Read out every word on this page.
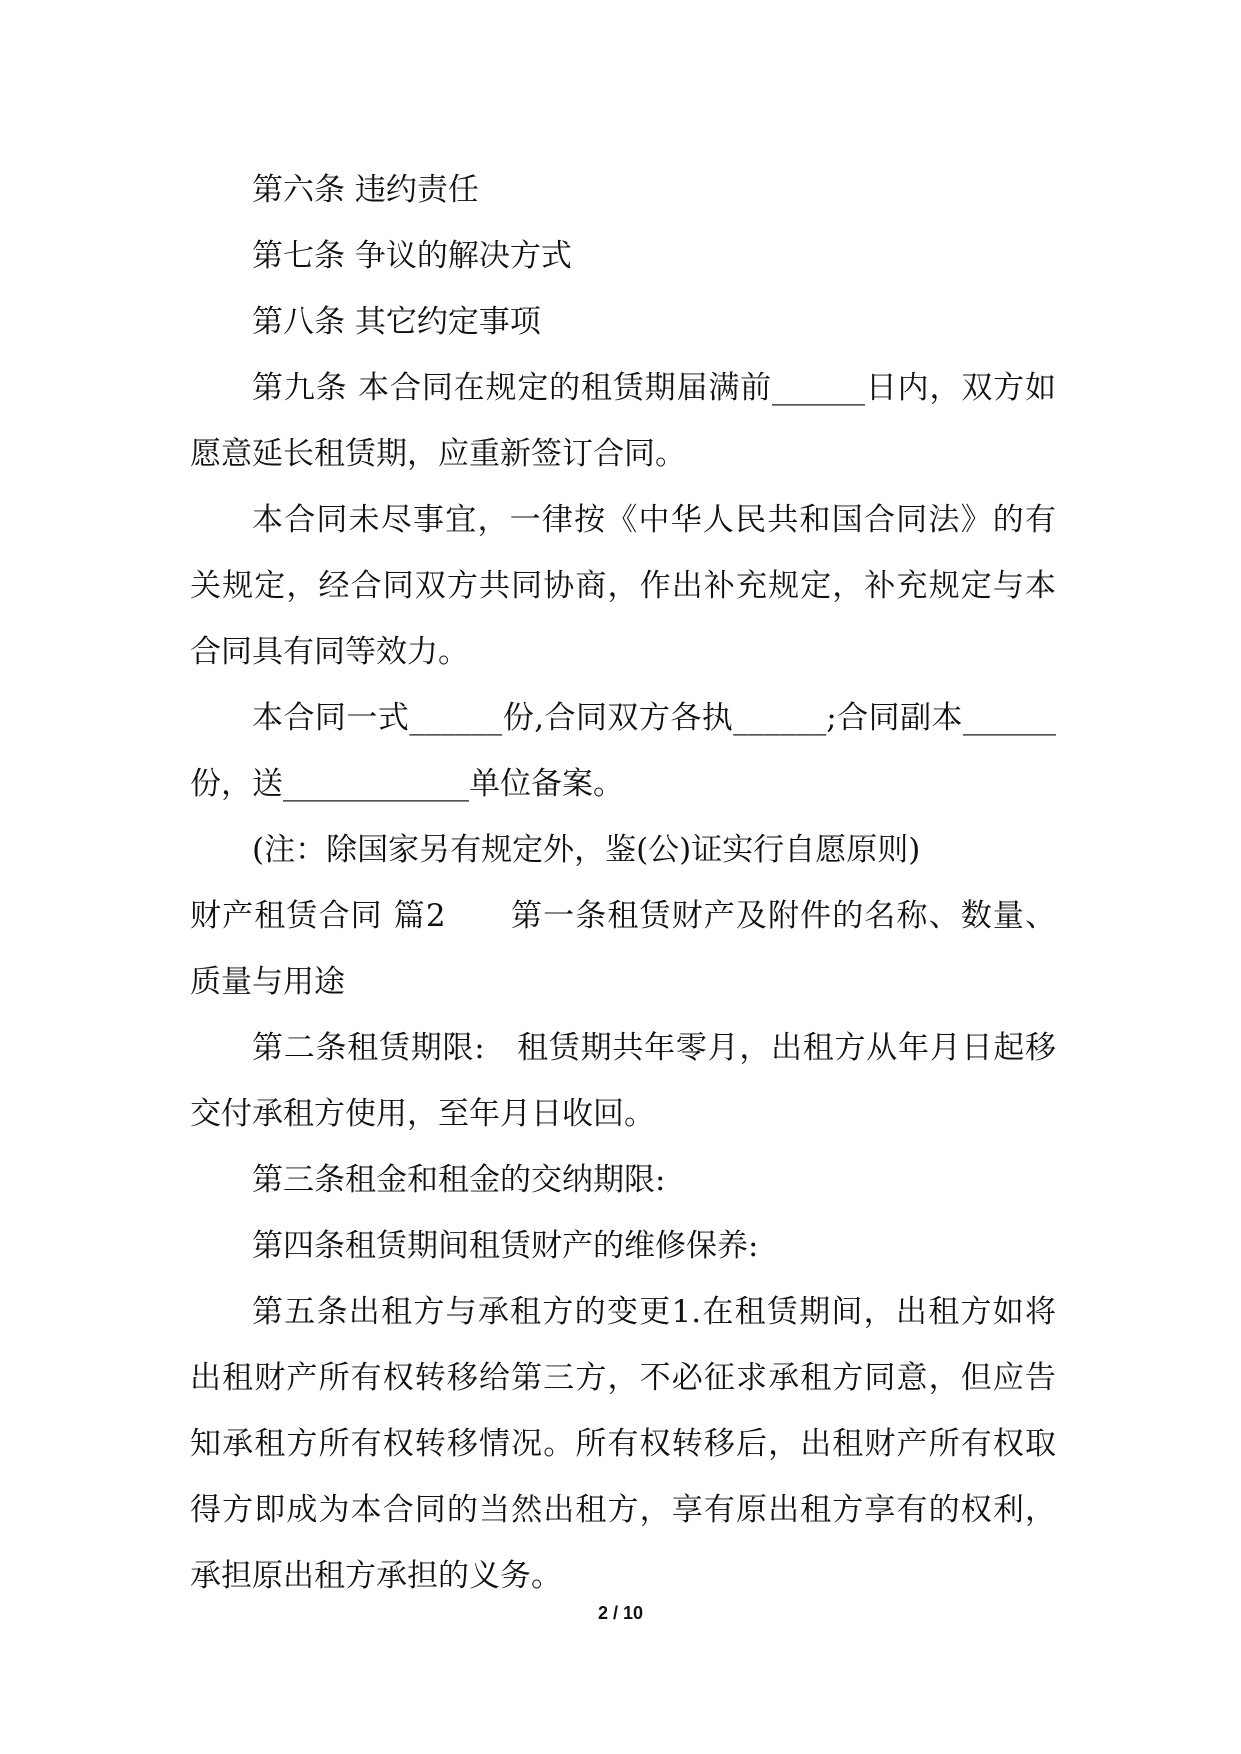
第六条 违约责任

第七条 争议的解决方式

第八条 其它约定事项

第九条 本合同在规定的租赁期届满前______日内，双方如愿意延长租赁期，应重新签订合同。

本合同未尽事宜，一律按《中华人民共和国合同法》的有关规定，经合同双方共同协商，作出补充规定，补充规定与本合同具有同等效力。

本合同一式______份,合同双方各执______;合同副本______份，送____________单位备案。

(注：除国家另有规定外，鉴(公)证实行自愿原则)

财产租赁合同 篇2　　第一条租赁财产及附件的名称、数量、质量与用途

第二条租赁期限:　租赁期共年零月，出租方从年月日起移交付承租方使用，至年月日收回。

第三条租金和租金的交纳期限:

第四条租赁期间租赁财产的维修保养:

第五条出租方与承租方的变更1.在租赁期间，出租方如将出租财产所有权转移给第三方，不必征求承租方同意，但应告知承租方所有权转移情况。所有权转移后，出租财产所有权取得方即成为本合同的当然出租方，享有原出租方享有的权利，承担原出租方承担的义务。

2 / 10
